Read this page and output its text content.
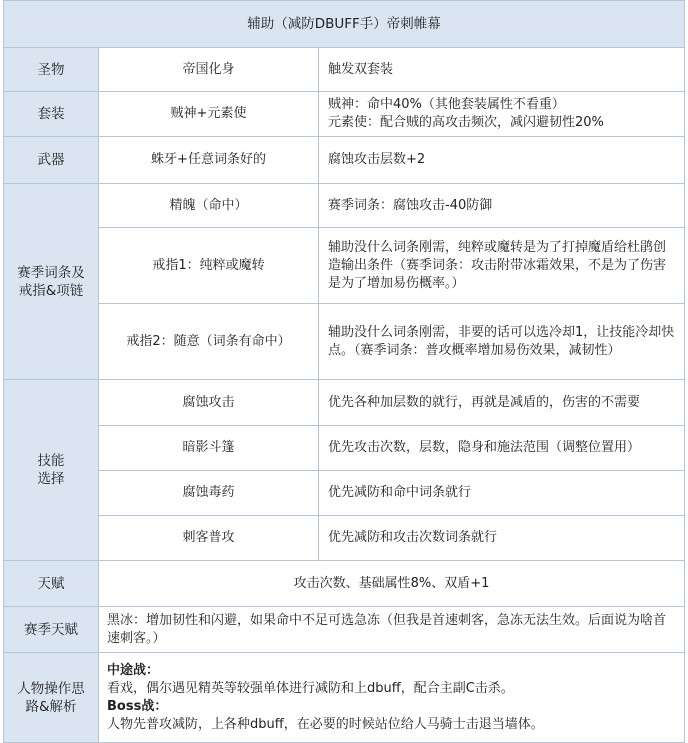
辅助（减防DBUFF手）帝刺帷幕		
圣物	帝国化身	触发双套装
套装	贼神+元素使	贼神：命中40%（其他套装属性不看重）
元素使：配合贼的高攻击频次，减闪避韧性20%

武器	蛛牙+任意词条好的	腐蚀攻击层数+2

赛季词条及
戒指&项链	精魄（命中）	赛季词条：腐蚀攻击-40防御
	戒指1：纯粹或魔转	辅助没什么词条刚需，纯粹或魔转是为了打掉魔盾给杜鹃创造输出条件（赛季词条：攻击附带冰霜效果，不是为了伤害是为了增加易伤概率。）
	戒指2：随意（词条有命中）	辅助没什么词条刚需，非要的话可以选冷却1，让技能冷却快点。（赛季词条：普攻概率增加易伤效果，减韧性）

技能
选择	腐蚀攻击	优先各种加层数的就行，再就是减盾的，伤害的不需要
	暗影斗篷	优先攻击次数，层数，隐身和施法范围（调整位置用）
	腐蚀毒药	优先减防和命中词条就行
	刺客普攻	优先减防和攻击次数词条就行
天赋	攻击次数、基础属性8%、双盾+1	
赛季天赋	黑冰：增加韧性和闪避，如果命中不足可选急冻（但我是首速刺客，急冻无法生效。后面说为啥首速刺客。）	

人物操作思
路&解析	中途战：
看戏，偶尔遇见精英等较强单体进行减防和上dbuff，配合主副C击杀。
Boss战：
人物先普攻减防，上各种dbuff，在必要的时候站位给人马骑士击退当墙体。	
